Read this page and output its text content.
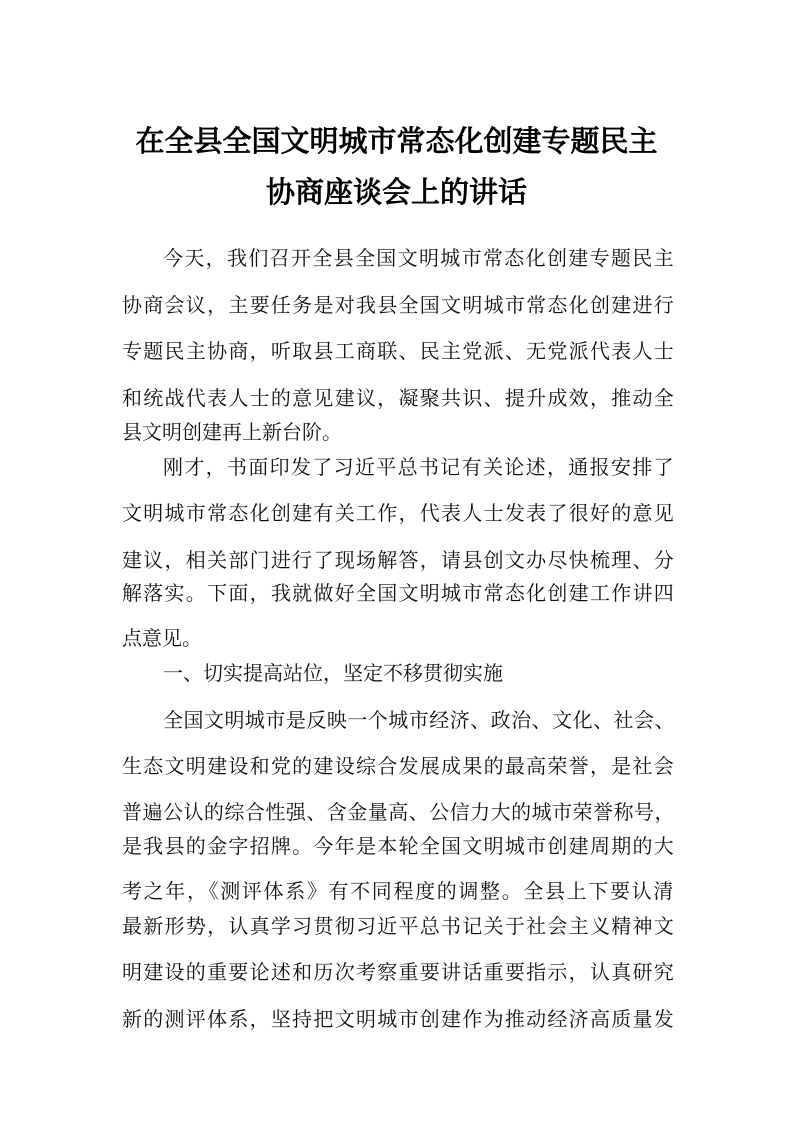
在全县全国文明城市常态化创建专题民主
协商座谈会上的讲话
今天，我们召开全县全国文明城市常态化创建专题民主
协商会议，主要任务是对我县全国文明城市常态化创建进行
专题民主协商，听取县工商联、民主党派、无党派代表人士
和统战代表人士的意见建议，凝聚共识、提升成效，推动全
县文明创建再上新台阶。
刚才，书面印发了习近平总书记有关论述，通报安排了
文明城市常态化创建有关工作，代表人士发表了很好的意见
建议，相关部门进行了现场解答，请县创文办尽快梳理、分
解落实。下面，我就做好全国文明城市常态化创建工作讲四
点意见。
一、切实提高站位，坚定不移贯彻实施
全国文明城市是反映一个城市经济、政治、文化、社会、
生态文明建设和党的建设综合发展成果的最高荣誉，是社会
普遍公认的综合性强、含金量高、公信力大的城市荣誉称号，
是我县的金字招牌。今年是本轮全国文明城市创建周期的大
考之年，《测评体系》有不同程度的调整。全县上下要认清
最新形势，认真学习贯彻习近平总书记关于社会主义精神文
明建设的重要论述和历次考察重要讲话重要指示，认真研究
新的测评体系，坚持把文明城市创建作为推动经济高质量发
